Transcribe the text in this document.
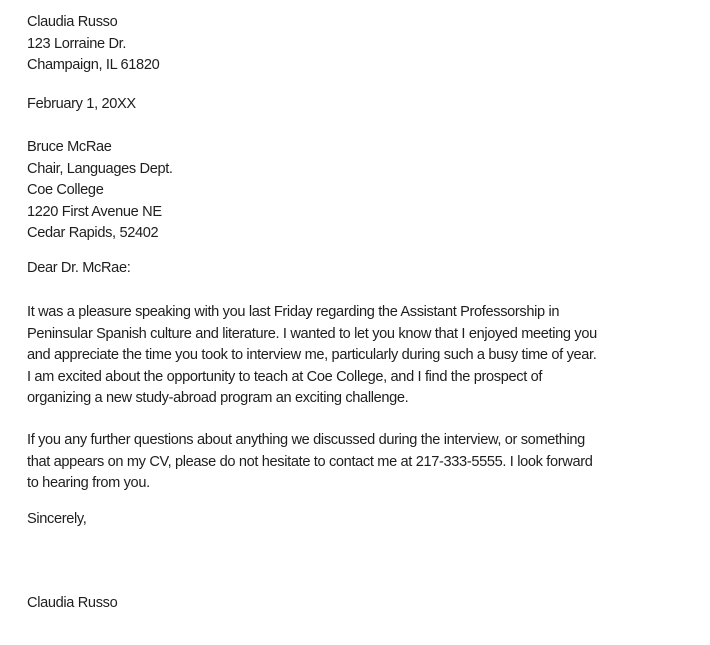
Claudia Russo
123 Lorraine Dr.
Champaign, IL 61820
February 1, 20XX
Bruce McRae
Chair, Languages Dept.
Coe College
1220 First Avenue NE
Cedar Rapids, 52402
Dear Dr. McRae:
It was a pleasure speaking with you last Friday regarding the Assistant Professorship in
Peninsular Spanish culture and literature. I wanted to let you know that I enjoyed meeting you
and appreciate the time you took to interview me, particularly during such a busy time of year.
I am excited about the opportunity to teach at Coe College, and I find the prospect of
organizing a new study-abroad program an exciting challenge.
If you any further questions about anything we discussed during the interview, or something
that appears on my CV, please do not hesitate to contact me at 217-333-5555. I look forward
to hearing from you.
Sincerely,
Claudia Russo
